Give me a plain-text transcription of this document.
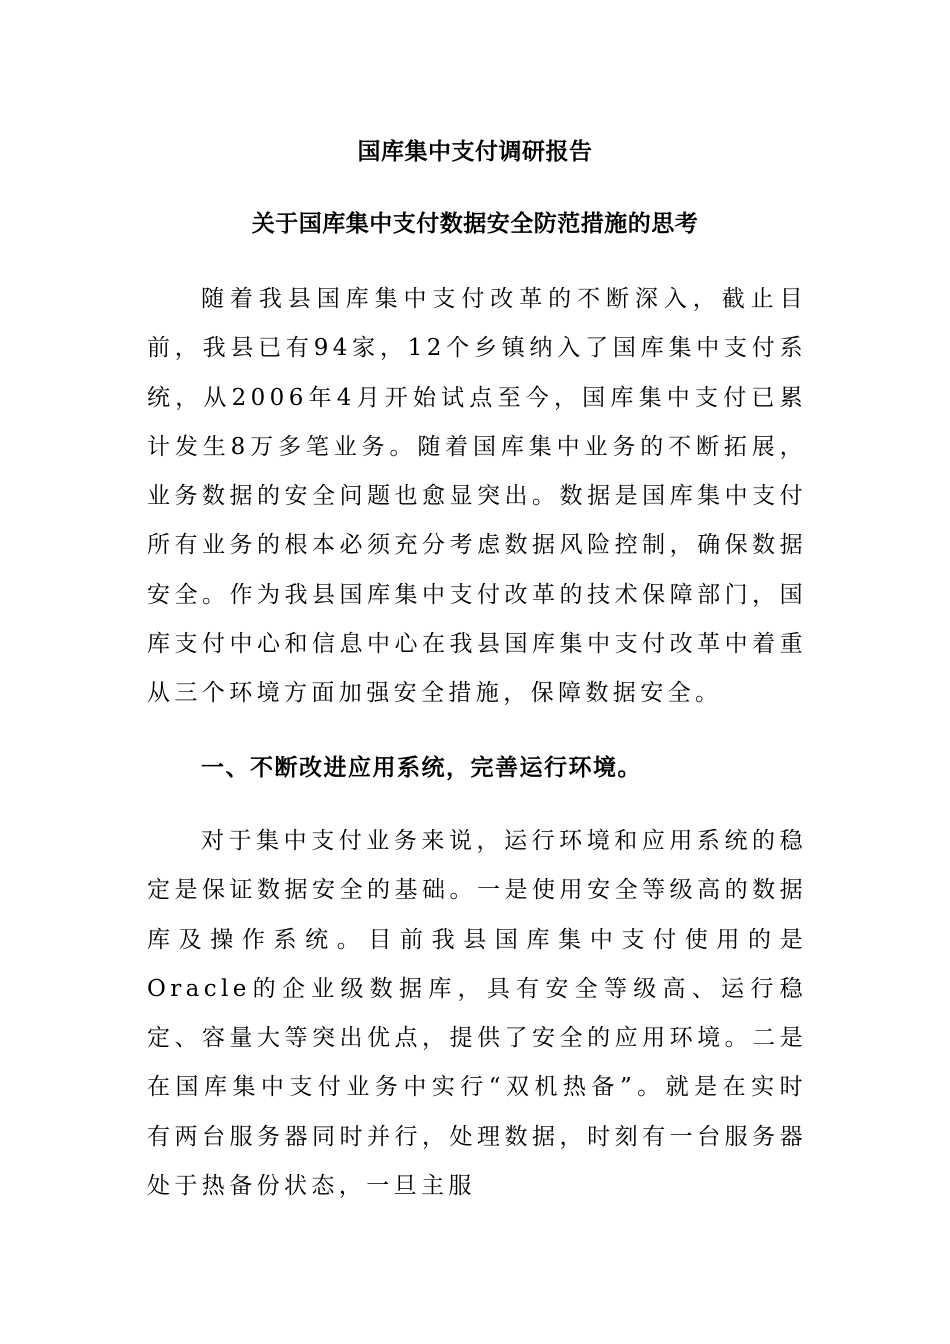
国库集中支付调研报告
关于国库集中支付数据安全防范措施的思考

随着我县国库集中支付改革的不断深入，截止目前，我县已有94家，12个乡镇纳入了国库集中支付系统，从2006年4月开始试点至今，国库集中支付已累计发生8万多笔业务。随着国库集中业务的不断拓展，业务数据的安全问题也愈显突出。数据是国库集中支付所有业务的根本必须充分考虑数据风险控制，确保数据安全。作为我县国库集中支付改革的技术保障部门，国库支付中心和信息中心在我县国库集中支付改革中着重从三个环境方面加强安全措施，保障数据安全。

一、不断改进应用系统，完善运行环境。

对于集中支付业务来说，运行环境和应用系统的稳定是保证数据安全的基础。一是使用安全等级高的数据库及操作系统。目前我县国库集中支付使用的是Oracle的企业级数据库，具有安全等级高、运行稳定、容量大等突出优点，提供了安全的应用环境。二是在国库集中支付业务中实行“双机热备”。就是在实时有两台服务器同时并行，处理数据，时刻有一台服务器处于热备份状态，一旦主服
